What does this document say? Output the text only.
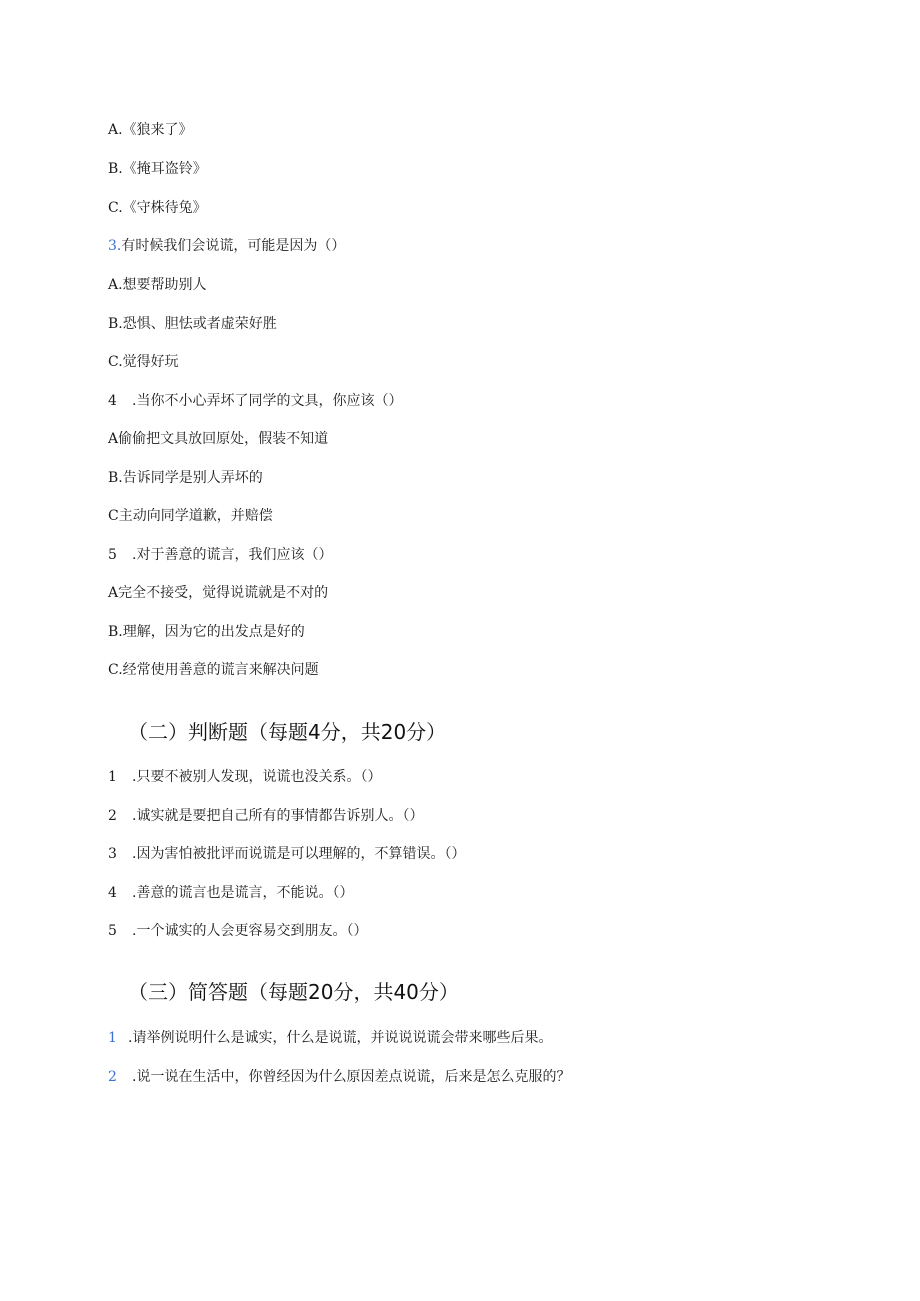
A.《狼来了》
B.《掩耳盗铃》
C.《守株待兔》
3.有时候我们会说谎，可能是因为（）
A.想要帮助别人
B.恐惧、胆怯或者虚荣好胜
C.觉得好玩
4 .当你不小心弄坏了同学的文具，你应该（）
A偷偷把文具放回原处，假装不知道
B.告诉同学是别人弄坏的
C主动向同学道歉，并赔偿
5 .对于善意的谎言，我们应该（）
A完全不接受，觉得说谎就是不对的
B.理解，因为它的出发点是好的
C.经常使用善意的谎言来解决问题
（二）判断题（每题4分，共20分）
1 .只要不被别人发现，说谎也没关系。（）
2 .诚实就是要把自己所有的事情都告诉别人。（）
3 .因为害怕被批评而说谎是可以理解的，不算错误。（）
4 .善意的谎言也是谎言，不能说。（）
5 .一个诚实的人会更容易交到朋友。（）
（三）简答题（每题20分，共40分）
1 .请举例说明什么是诚实，什么是说谎，并说说说谎会带来哪些后果。
2 .说一说在生活中，你曾经因为什么原因差点说谎，后来是怎么克服的？
